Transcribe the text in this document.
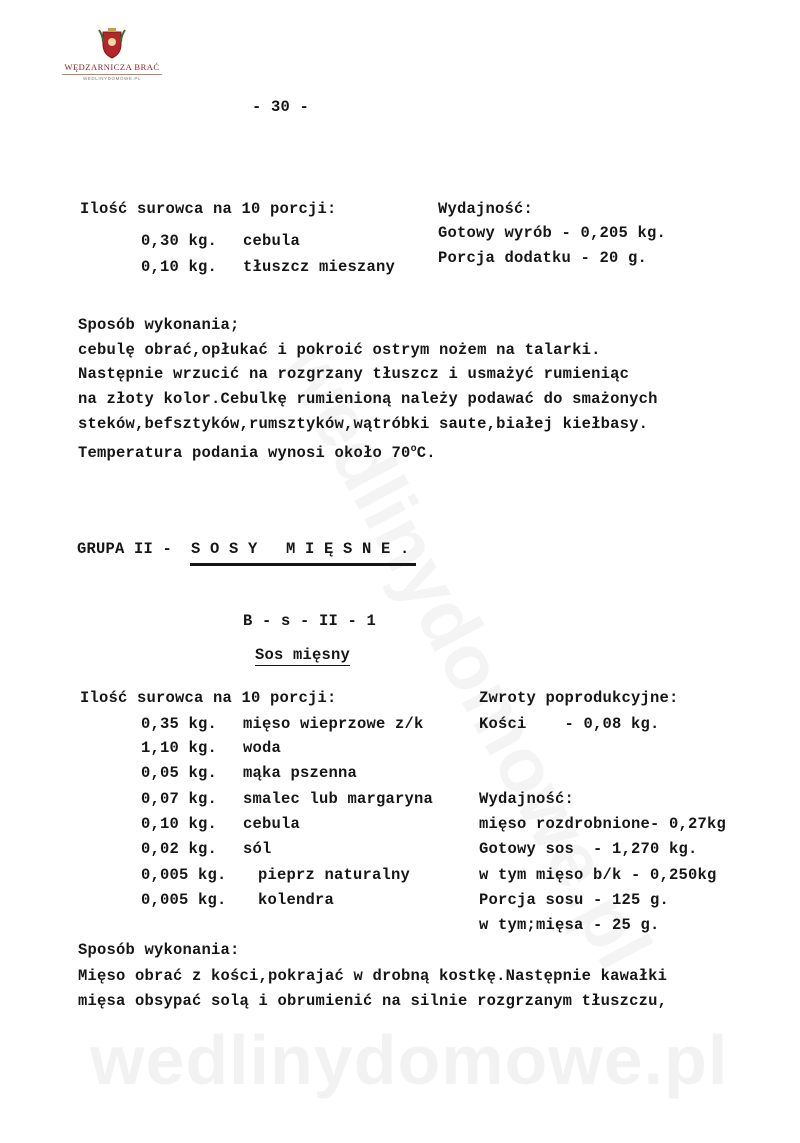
wedlinydomowe.pl
WĘDZARNICZA BRAĆ
WEDLINYDOMOWE.PL
- 30 -
Ilość surowca na 10 porcji:
0,30 kg. cebula
0,10 kg. tłuszcz mieszany
Wydajność:
Gotowy wyrób - 0,205 kg.
Porcja dodatku - 20 g.
Sposób wykonania;
cebulę obrać,opłukać i pokroić ostrym nożem na talarki.
Następnie wrzucić na rozgrzany tłuszcz i usmażyć rumieniąc
na złoty kolor.Cebulkę rumienioną należy podawać do smażonych
steków,befsztyków,rumsztyków,wątróbki saute,białej kiełbasy.
Temperatura podania wynosi około 70$^o$C.
GRUPA II - S O S Y   M I Ę S N E .
B - s - II - 1
Sos mięsny
Ilość surowca na 10 porcji:
0,35 kg. mięso wieprzowe z/k
1,10 kg. woda
0,05 kg. mąka pszenna
0,07 kg. smalec lub margaryna
0,10 kg. cebula
0,02 kg. sól
0,005 kg. pieprz naturalny
0,005 kg. kolendra
Zwroty poprodukcyjne:
Kości    - 0,08 kg.
Wydajność:
mięso rozdrobnione- 0,27kg
Gotowy sos  - 1,270 kg.
w tym mięso b/k - 0,250kg
Porcja sosu - 125 g.
w tym;mięsa - 25 g.
Sposób wykonania:
Mięso obrać z kości,pokrajać w drobną kostkę.Następnie kawałki
mięsa obsypać solą i obrumienić na silnie rozgrzanym tłuszczu,
